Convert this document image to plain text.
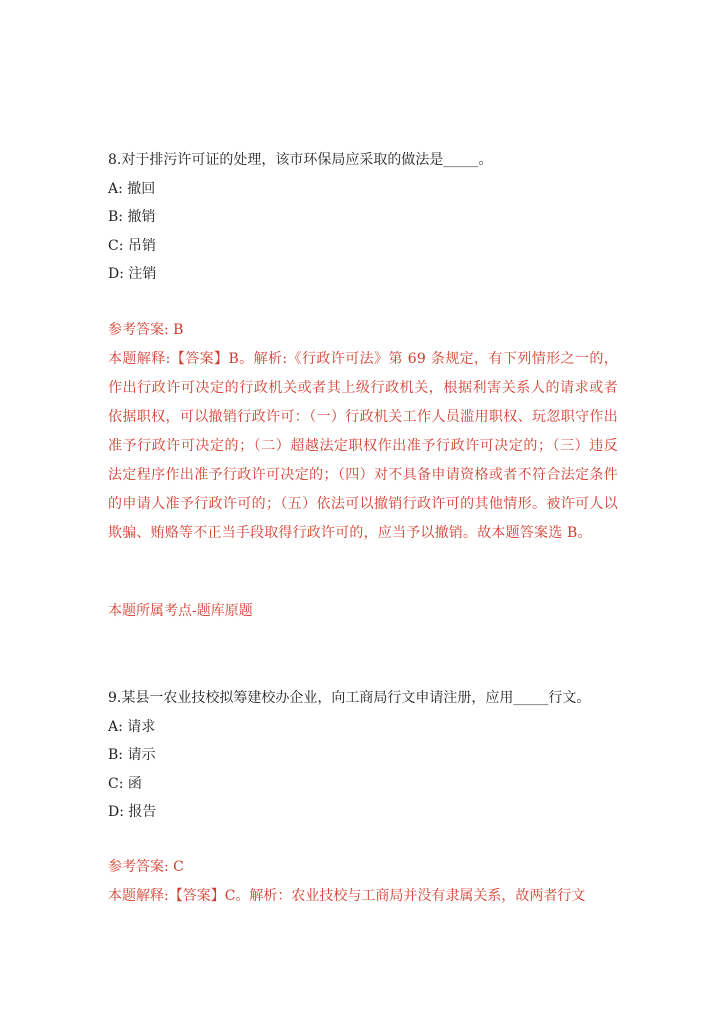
8.对于排污许可证的处理，该市环保局应采取的做法是_____。
A: 撤回
B: 撤销
C: 吊销
D: 注销
参考答案: B
本题解释:【答案】B。解析:《行政许可法》第 69 条规定，有下列情形之一的，作出行政许可决定的行政机关或者其上级行政机关，根据利害关系人的请求或者依据职权，可以撤销行政许可：（一）行政机关工作人员滥用职权、玩忽职守作出准予行政许可决定的；（二）超越法定职权作出准予行政许可决定的；（三）违反法定程序作出准予行政许可决定的；（四）对不具备申请资格或者不符合法定条件的申请人准予行政许可的；（五）依法可以撤销行政许可的其他情形。被许可人以欺骗、贿赂等不正当手段取得行政许可的，应当予以撤销。故本题答案选 B。
本题所属考点-题库原题
9.某县一农业技校拟筹建校办企业，向工商局行文申请注册，应用_____行文。
A: 请求
B: 请示
C: 函
D: 报告
参考答案: C
本题解释:【答案】C。解析：农业技校与工商局并没有隶属关系，故两者行文
